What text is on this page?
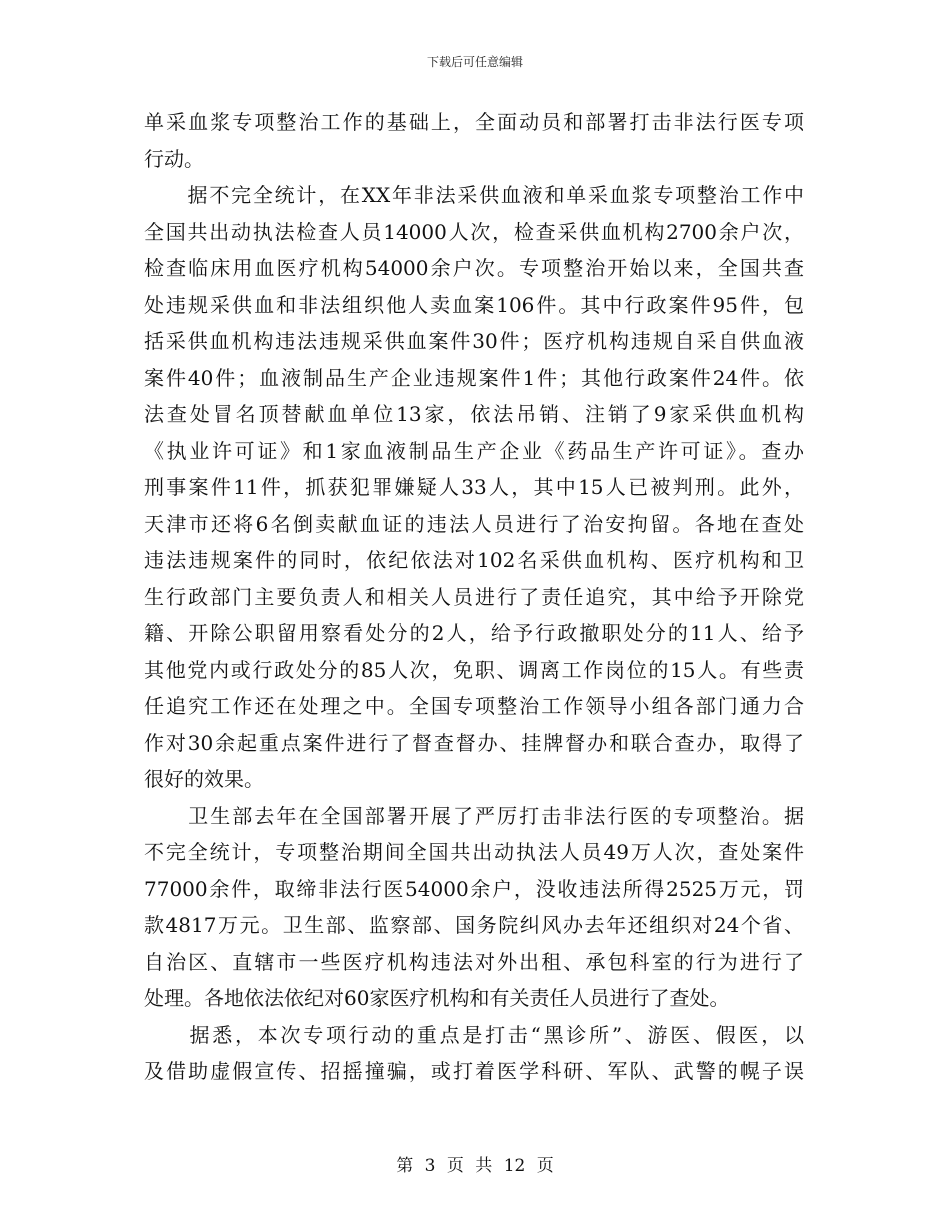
下载后可任意编辑
单采血浆专项整治工作的基础上，全面动员和部署打击非法行医专项
行动。
　　据不完全统计，在XX年非法采供血液和单采血浆专项整治工作中
全国共出动执法检查人员14000人次，检查采供血机构2700余户次，
检查临床用血医疗机构54000余户次。专项整治开始以来，全国共查
处违规采供血和非法组织他人卖血案106件。其中行政案件95件，包
括采供血机构违法违规采供血案件30件；医疗机构违规自采自供血液
案件40件；血液制品生产企业违规案件1件；其他行政案件24件。依
法查处冒名顶替献血单位13家，依法吊销、注销了9家采供血机构
《执业许可证》和1家血液制品生产企业《药品生产许可证》。查办
刑事案件11件，抓获犯罪嫌疑人33人，其中15人已被判刑。此外，
天津市还将6名倒卖献血证的违法人员进行了治安拘留。各地在查处
违法违规案件的同时，依纪依法对102名采供血机构、医疗机构和卫
生行政部门主要负责人和相关人员进行了责任追究，其中给予开除党
籍、开除公职留用察看处分的2人，给予行政撤职处分的11人、给予
其他党内或行政处分的85人次，免职、调离工作岗位的15人。有些责
任追究工作还在处理之中。全国专项整治工作领导小组各部门通力合
作对30余起重点案件进行了督查督办、挂牌督办和联合查办，取得了
很好的效果。
　　卫生部去年在全国部署开展了严厉打击非法行医的专项整治。据
不完全统计，专项整治期间全国共出动执法人员49万人次，查处案件
77000余件，取缔非法行医54000余户，没收违法所得2525万元，罚
款4817万元。卫生部、监察部、国务院纠风办去年还组织对24个省、
自治区、直辖市一些医疗机构违法对外出租、承包科室的行为进行了
处理。各地依法依纪对60家医疗机构和有关责任人员进行了查处。
　　据悉，本次专项行动的重点是打击“黑诊所”、游医、假医，以
及借助虚假宣传、招摇撞骗，或打着医学科研、军队、武警的幌子误
第 3 页 共 12 页
